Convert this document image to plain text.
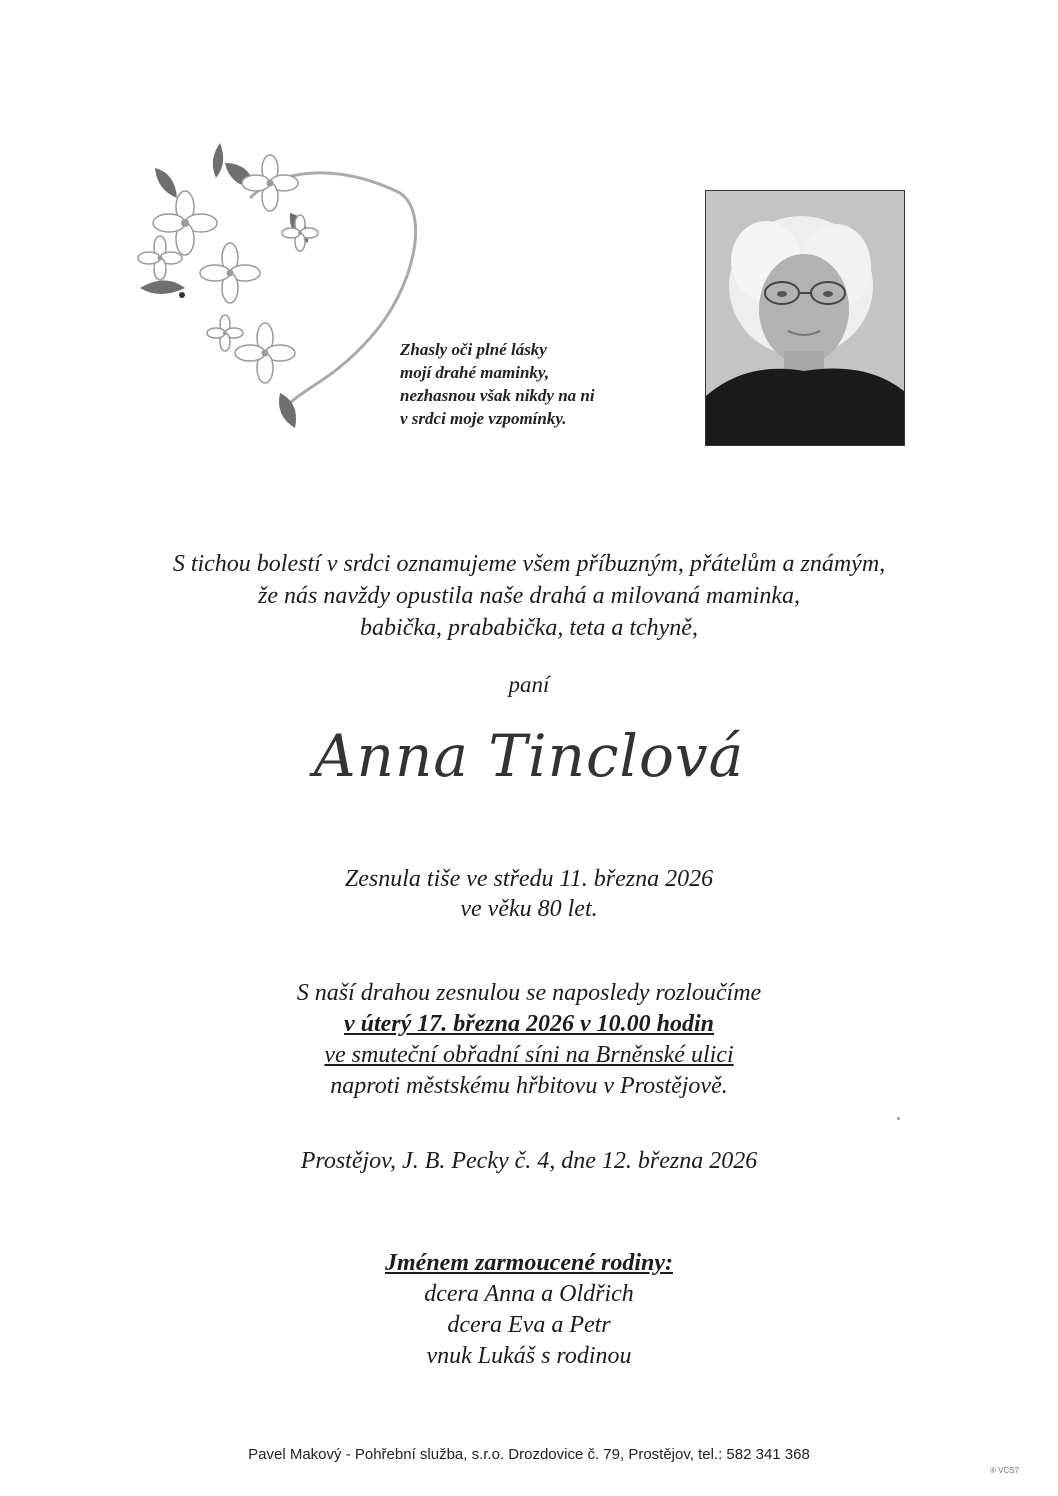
Zhasly oči plné lásky
mojí drahé maminky,
nezhasnou však nikdy na ni
v srdci moje vzpomínky.
S tichou bolestí v srdci oznamujeme všem příbuzným, přátelům a známým,
že nás navždy opustila naše drahá a milovaná maminka,
babička, prababička, teta a tchyně,
paní
Anna Tinclová
Zesnula tiše ve středu 11. března 2026
ve věku 80 let.
S naší drahou zesnulou se naposledy rozloučíme
v úterý 17. března 2026 v 10.00 hodin
ve smuteční obřadní síni na Brněnské ulici
naproti městskému hřbitovu v Prostějově.
Prostějov, J. B. Pecky č. 4, dne 12. března 2026
Jménem zarmoucené rodiny:
dcera Anna a Oldřich
dcera Eva a Petr
vnuk Lukáš s rodinou
Pavel Makový - Pohřební služba, s.r.o. Drozdovice č. 79, Prostějov, tel.: 582 341 368
® VCS7
